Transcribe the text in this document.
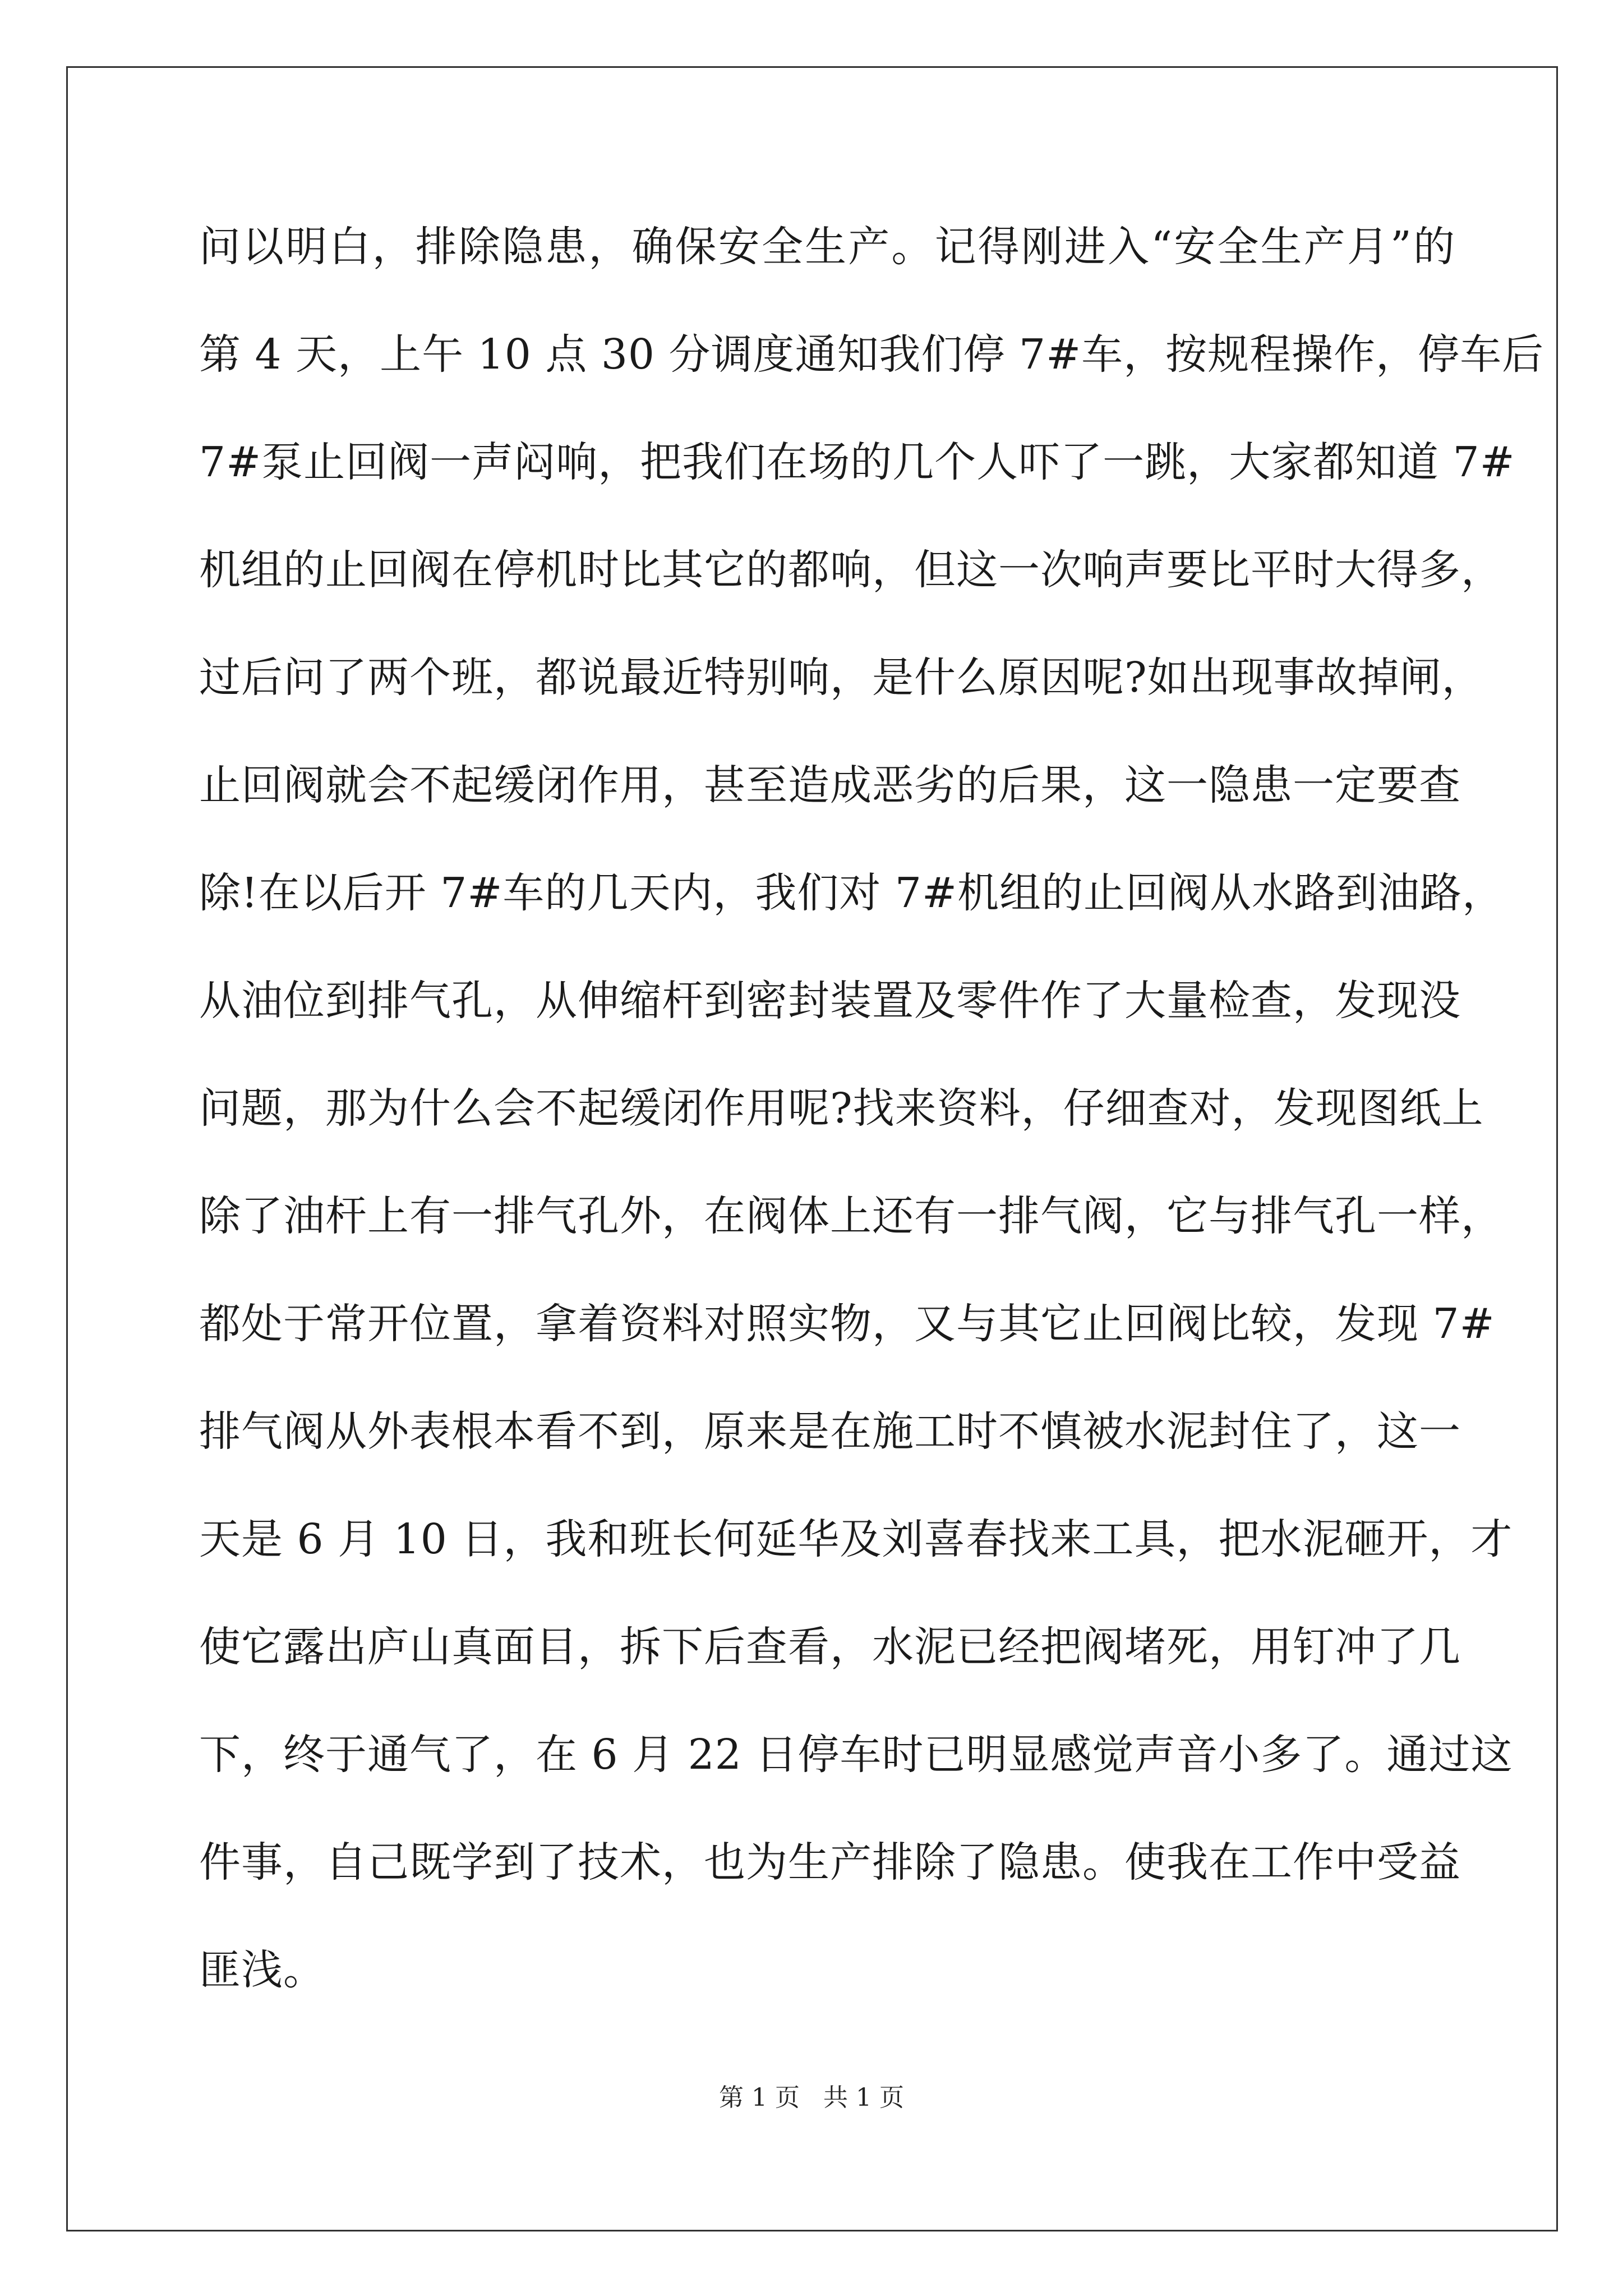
问以明白，排除隐患，确保安全生产。记得刚进入“安全生产月”的
第 4 天，上午 10 点 30 分调度通知我们停 7#车，按规程操作，停车后
7#泵止回阀一声闷响，把我们在场的几个人吓了一跳，大家都知道 7#
机组的止回阀在停机时比其它的都响，但这一次响声要比平时大得多，
过后问了两个班，都说最近特别响，是什么原因呢?如出现事故掉闸，
止回阀就会不起缓闭作用，甚至造成恶劣的后果，这一隐患一定要查
除!在以后开 7#车的几天内，我们对 7#机组的止回阀从水路到油路，
从油位到排气孔，从伸缩杆到密封装置及零件作了大量检查，发现没
问题，那为什么会不起缓闭作用呢?找来资料，仔细查对，发现图纸上
除了油杆上有一排气孔外，在阀体上还有一排气阀，它与排气孔一样，
都处于常开位置，拿着资料对照实物，又与其它止回阀比较，发现 7#
排气阀从外表根本看不到，原来是在施工时不慎被水泥封住了，这一
天是 6 月 10 日，我和班长何延华及刘喜春找来工具，把水泥砸开，才
使它露出庐山真面目，拆下后查看，水泥已经把阀堵死，用钉冲了几
下，终于通气了，在 6 月 22 日停车时已明显感觉声音小多了。通过这
件事，自己既学到了技术，也为生产排除了隐患。使我在工作中受益
匪浅。
第 1 页 共 1 页
